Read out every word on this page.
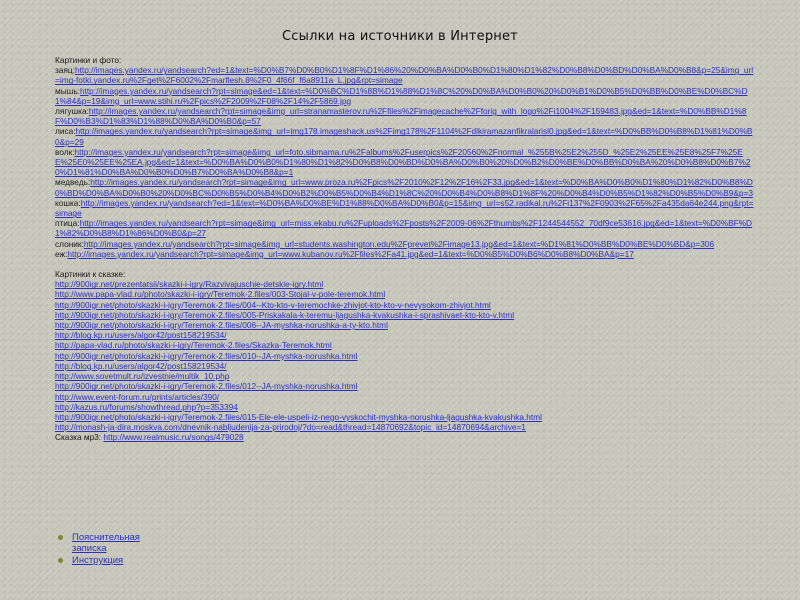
Ссылки на источники в Интернет
Картинки и фото:
заяц:http://images.yandex.ru/yandsearch?ed=1&text=%D0%B7%D0%B0%D1%8F%D1%86%20%D0%BA%D0%B0%D1%80%D1%82%D0%B8%D0%BD%D0%BA%D0%B8&p=25&img_url=img-fotki.yandex.ru%2Fget%2F6002%2Fmarflesh.8%2F0_4f66f_f6a8911a_L.jpg&rpt=simage
мышь:http://images.yandex.ru/yandsearch?rpt=simage&ed=1&text=%D0%BC%D1%8B%D1%88%D1%8C%20%D0%BA%D0%B0%20%D0%B1%D0%B5%D0%BB%D0%BE%D0%BC%D1%84&p=19&img_url=www.stihi.ru%2Fpics%2F2009%2F08%2F14%2F5869.jpg
лягушка:http://images.yandex.ru/yandsearch?rpt=simage&img_url=stranamasterov.ru%2Ffiles%2Fimagecache%2Fforig_with_logo%2Fi1004%2F159483.jpg&ed=1&text=%D0%BB%D1%8F%D0%B3%D1%83%D1%88%D0%BA%D0%B0&p=57
лиса:http://images.yandex.ru/yandsearch?rpt=simage&img_url=img178.imageshack.us%2Fimg178%2F1104%2Fdlkiramazanfikralarisl0.jpg&ed=1&text=%D0%BB%D0%B8%D1%81%D0%B0&p=29
волк:http://images.yandex.ru/yandsearch?rpt=simage&img_url=foto.sibmama.ru%2Falbums%2Fuserpics%2F20560%2Fnormal_%255B%25E2%255D_%25E2%25EE%25E8%25F7%25EE%25E0%25EE%25EA.jpg&ed=1&text=%D0%BA%D0%B0%D1%80%D1%82%D0%B8%D0%BD%D0%BA%D0%B0%20%D0%B2%D0%BE%D0%BB%D0%BA%20%D0%B8%D0%B7%20%D1%81%D0%BA%D0%B0%D0%B7%D0%BA%D0%B8&p=1
медведь:http://images.yandex.ru/yandsearch?rpt=simage&img_url=www.proza.ru%2Fpics%2F2010%2F12%2F16%2F33.jpg&ed=1&text=%D0%BA%D0%B0%D1%80%D1%82%D0%B8%D0%BD%D0%BA%D0%B0%20%D0%BC%D0%B5%D0%B4%D0%B2%D0%B5%D0%B4%D1%8C%20%D0%B4%D0%B8%D1%8F%20%D0%B4%D0%B5%D1%82%D0%B5%D0%B9&p=3
кошка:http://images.yandex.ru/yandsearch?ed=1&text=%D0%BA%D0%BE%D1%88%D0%BA%D0%B0&p=15&img_url=s52.radikal.ru%2Fi137%2F0903%2F65%2Fa435da64e244.png&rpt=simage
птица:http://images.yandex.ru/yandsearch?rpt=simage&img_url=miss.ekabu.ru%2Fuploads%2Fposts%2F2009-06%2Fthumbs%2F1244544552_70df9ce53616.jpg&ed=1&text=%D0%BF%D1%82%D0%B8%D1%86%D0%B0&p=27
слоник:http://images.yandex.ru/yandsearch?rpt=simage&img_url=students.washington.edu%2Fprevet%2Fimage13.jpg&ed=1&text=%D1%81%D0%BB%D0%BE%D0%BD&p=306
еж:http://images.yandex.ru/yandsearch?rpt=simage&img_url=www.kubanov.ru%2Ffiles%2Fa41.jpg&ed=1&text=%D0%B5%D0%B6%D0%B8%D0%BA&p=17
Картинки к сказке:
http://900igr.net/prezentatsii/skazki-i-igry/Razvivajuschie-detskie-igry.html
http://www.papa-vlad.ru/photo/skazki-i-igry/Teremok-2.files/003-Stojal-v-pole-teremok.html
http://900igr.net/photo/skazki-i-igry/Teremok-2.files/004--Kto-kto-v-teremochke-zhivjot-kto-kto-v-nevysokom-zhivjot.html
http://900igr.net/photo/skazki-i-igry/Teremok-2.files/005-Priskakala-k-teremu-ljagushka-kvakushka-i-sprashivaet-kto-kto-v.html
http://900igr.net/photo/skazki-i-igry/Teremok-2.files/006--JA-myshka-norushka-a-ty-kto.html
http://blog.kp.ru/users/algor42/post158219534/
http://papa-vlad.ru/photo/skazki-i-igry/Teremok-2.files/Skazka-Teremok.html
http://900igr.net/photo/skazki-i-igry/Teremok-2.files/010--JA-myshka-norushka.html
http://blog.kp.ru/users/algor42/post158219534/
http://www.sovetmult.ru/izvestnie/multik_10.php
http://900igr.net/photo/skazki-i-igry/Teremok-2.files/012--JA-myshka-norushka.html
http://www.event-forum.ru/prints/articles/390/
http://kazus.ru/forums/showthread.php?p=353394
http://900igr.net/photo/skazki-i-igry/Teremok-2.files/015-Ele-ele-uspeli-iz-nego-vyskochit-myshka-norushka-ljagushka-kvakushka.html
http://monash-ja-dira.moskva.com/dnevnik-nabljudenija-za-prirodoj/?do=read&thread=14870692&topic_id=14870694&archive=1
Сказка мр3: http://www.realmusic.ru/songs/479028
Пояснительная записка
Инструкция
